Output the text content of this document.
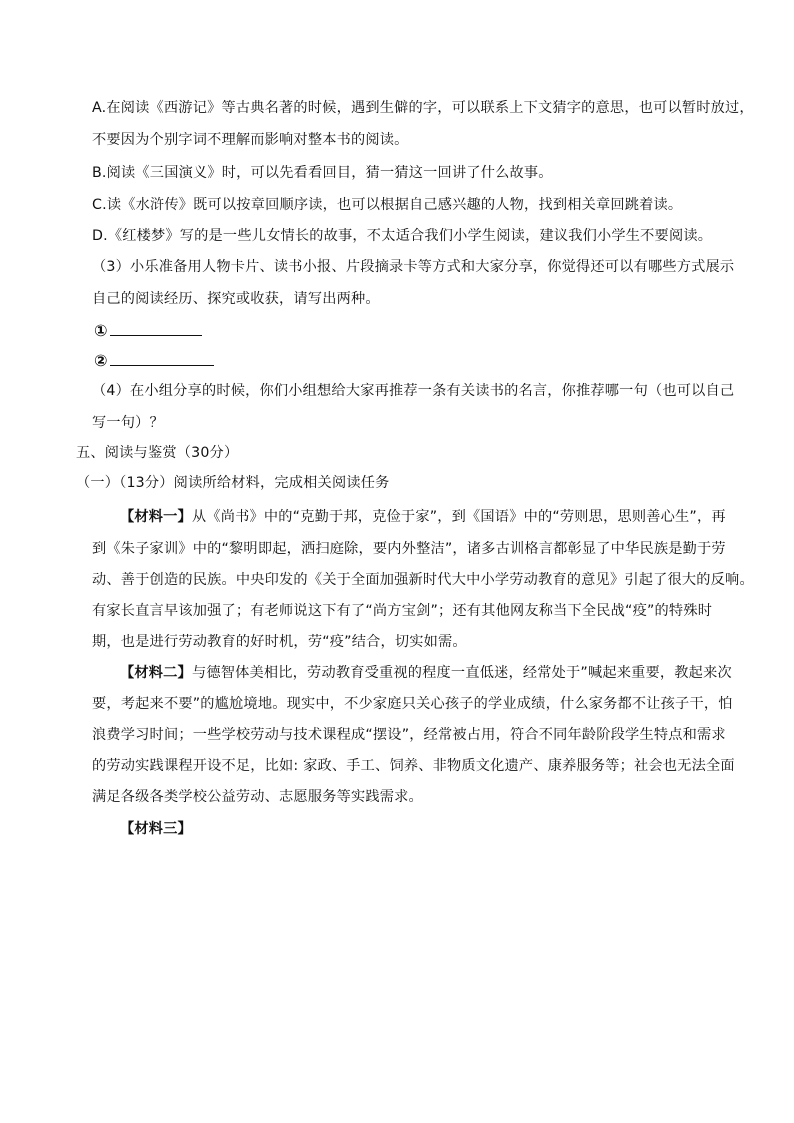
A.在阅读《西游记》等古典名著的时候，遇到生僻的字，可以联系上下文猜字的意思，也可以暂时放过，
不要因为个别字词不理解而影响对整本书的阅读。
B.阅读《三国演义》时，可以先看看回目，猜一猜这一回讲了什么故事。
C.读《水浒传》既可以按章回顺序读，也可以根据自己感兴趣的人物，找到相关章回跳着读。
D.《红楼梦》写的是一些儿女情长的故事，不太适合我们小学生阅读，建议我们小学生不要阅读。
（3）小乐准备用人物卡片、读书小报、片段摘录卡等方式和大家分享，你觉得还可以有哪些方式展示
自己的阅读经历、探究或收获，请写出两种。
①
②
（4）在小组分享的时候，你们小组想给大家再推荐一条有关读书的名言，你推荐哪一句（也可以自己
写一句）？
五、阅读与鉴赏（30分）
（一）（13分）阅读所给材料，完成相关阅读任务
【材料一】从《尚书》中的“克勤于邦，克俭于家”，到《国语》中的“劳则思，思则善心生”，再
到《朱子家训》中的“黎明即起，洒扫庭除，要内外整洁”，诸多古训格言都彰显了中华民族是勤于劳
动、善于创造的民族。中央印发的《关于全面加强新时代大中小学劳动教育的意见》引起了很大的反响。
有家长直言早该加强了；有老师说这下有了“尚方宝剑”；还有其他网友称当下全民战“疫”的特殊时
期，也是进行劳动教育的好时机，劳“疫”结合，切实如需。
【材料二】与德智体美相比，劳动教育受重视的程度一直低迷，经常处于”喊起来重要，教起来次
要，考起来不要”的尴尬境地。现实中，不少家庭只关心孩子的学业成绩，什么家务都不让孩子干，怕
浪费学习时间；一些学校劳动与技术课程成“摆设”，经常被占用，符合不同年龄阶段学生特点和需求
的劳动实践课程开设不足，比如: 家政、手工、饲养、非物质文化遗产、康养服务等；社会也无法全面
满足各级各类学校公益劳动、志愿服务等实践需求。
【材料三】
